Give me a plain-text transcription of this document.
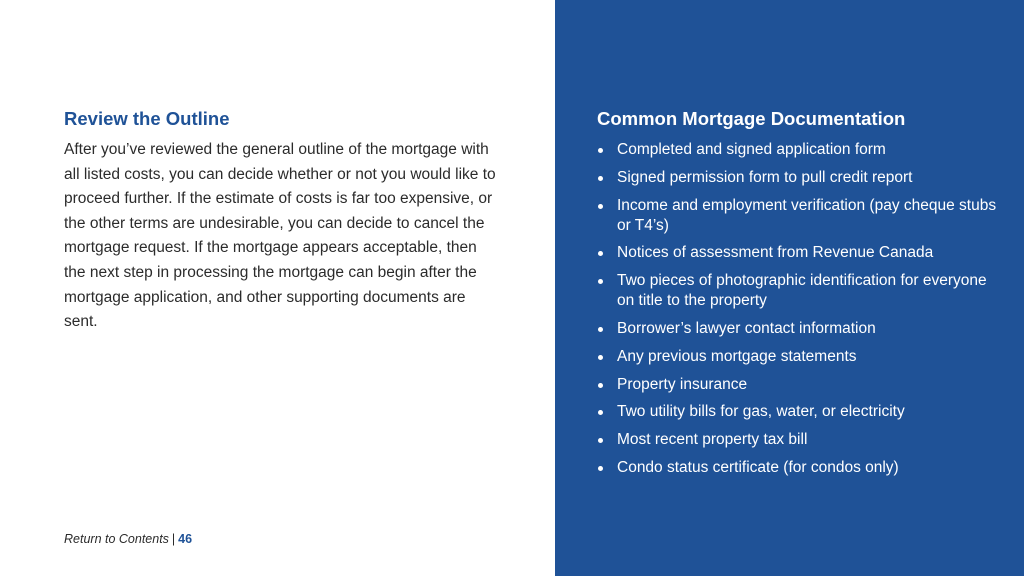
Review the Outline

After you’ve reviewed the general outline of the mortgage with all listed costs, you can decide whether or not you would like to proceed further. If the estimate of costs is far too expensive, or the other terms are undesirable, you can decide to cancel the mortgage request. If the mortgage appears acceptable, then the next step in processing the mortgage can begin after the mortgage application, and other supporting documents are sent.

Return to Contents | 46
Common Mortgage Documentation
Completed and signed application form
Signed permission form to pull credit report
Income and employment verification (pay cheque stubs or T4’s)
Notices of assessment from Revenue Canada
Two pieces of photographic identification for everyone on title to the property
Borrower’s lawyer contact information
Any previous mortgage statements
Property insurance
Two utility bills for gas, water, or electricity
Most recent property tax bill
Condo status certificate (for condos only)
